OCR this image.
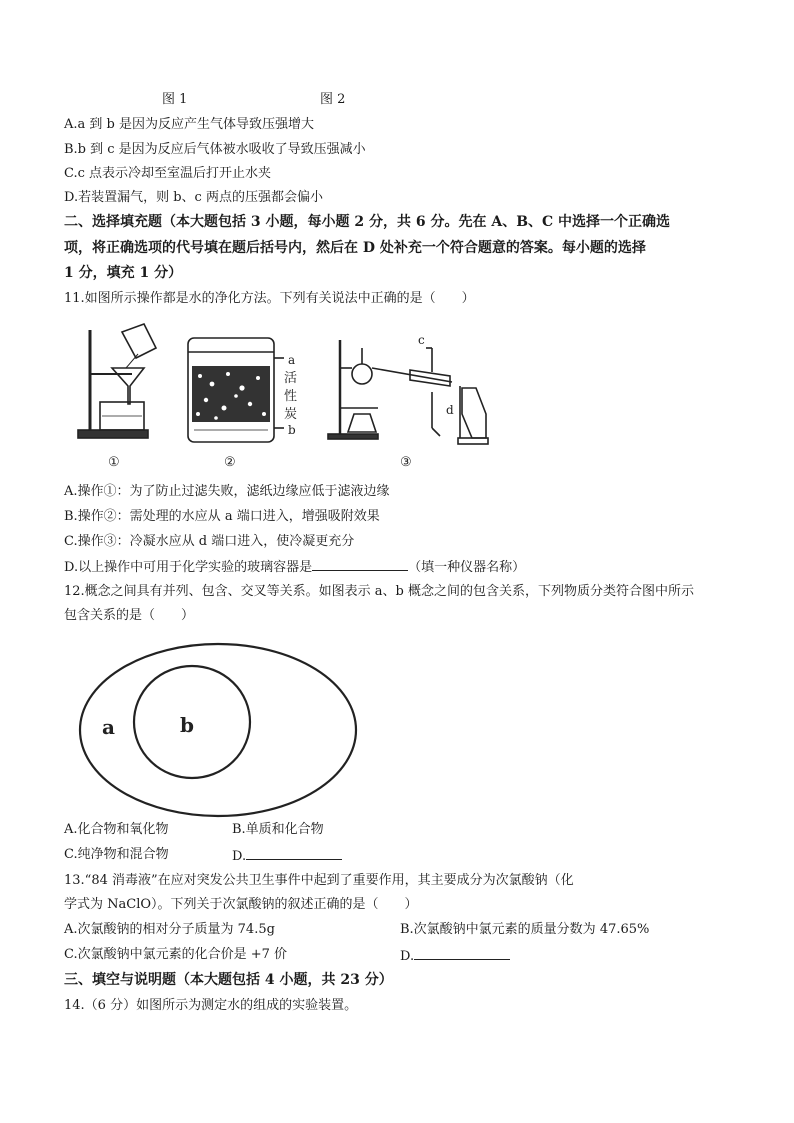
图 1	图 2
A.a 到 b 是因为反应产生气体导致压强增大
B.b 到 c 是因为反应后气体被水吸收了导致压强减小
C.c 点表示冷却至室温后打开止水夹
D.若装置漏气，则 b、c 两点的压强都会偏小
二、选择填充题（本大题包括 3 小题，每小题 2 分，共 6 分。先在 A、B、C 中选择一个正确选
项，将正确选项的代号填在题后括号内，然后在 D 处补充一个符合题意的答案。每小题的选择
1 分，填充 1 分）
11.如图所示操作都是水的净化方法。下列有关说法中正确的是（　　）
①
a
b
活
性
炭
②
c
d
③
A.操作①：为了防止过滤失败，滤纸边缘应低于滤液边缘
B.操作②：需处理的水应从 a 端口进入，增强吸附效果
C.操作③：冷凝水应从 d 端口进入，使冷凝更充分
D.以上操作中可用于化学实验的玻璃容器是	（填一种仪器名称）
12.概念之间具有并列、包含、交叉等关系。如图表示 a、b 概念之间的包含关系，下列物质分类符合图中所示
包含关系的是（　　）
a	b
A.化合物和氧化物	B.单质和化合物
C.纯净物和混合物	D.
13.“84 消毒液”在应对突发公共卫生事件中起到了重要作用，其主要成分为次氯酸钠（化
学式为 NaClO）。下列关于次氯酸钠的叙述正确的是（　　）
A.次氯酸钠的相对分子质量为 74.5g	B.次氯酸钠中氯元素的质量分数为 47.65%
C.次氯酸钠中氯元素的化合价是 +7 价	D.
三、填空与说明题（本大题包括 4 小题，共 23 分）
14.（6 分）如图所示为测定水的组成的实验装置。
